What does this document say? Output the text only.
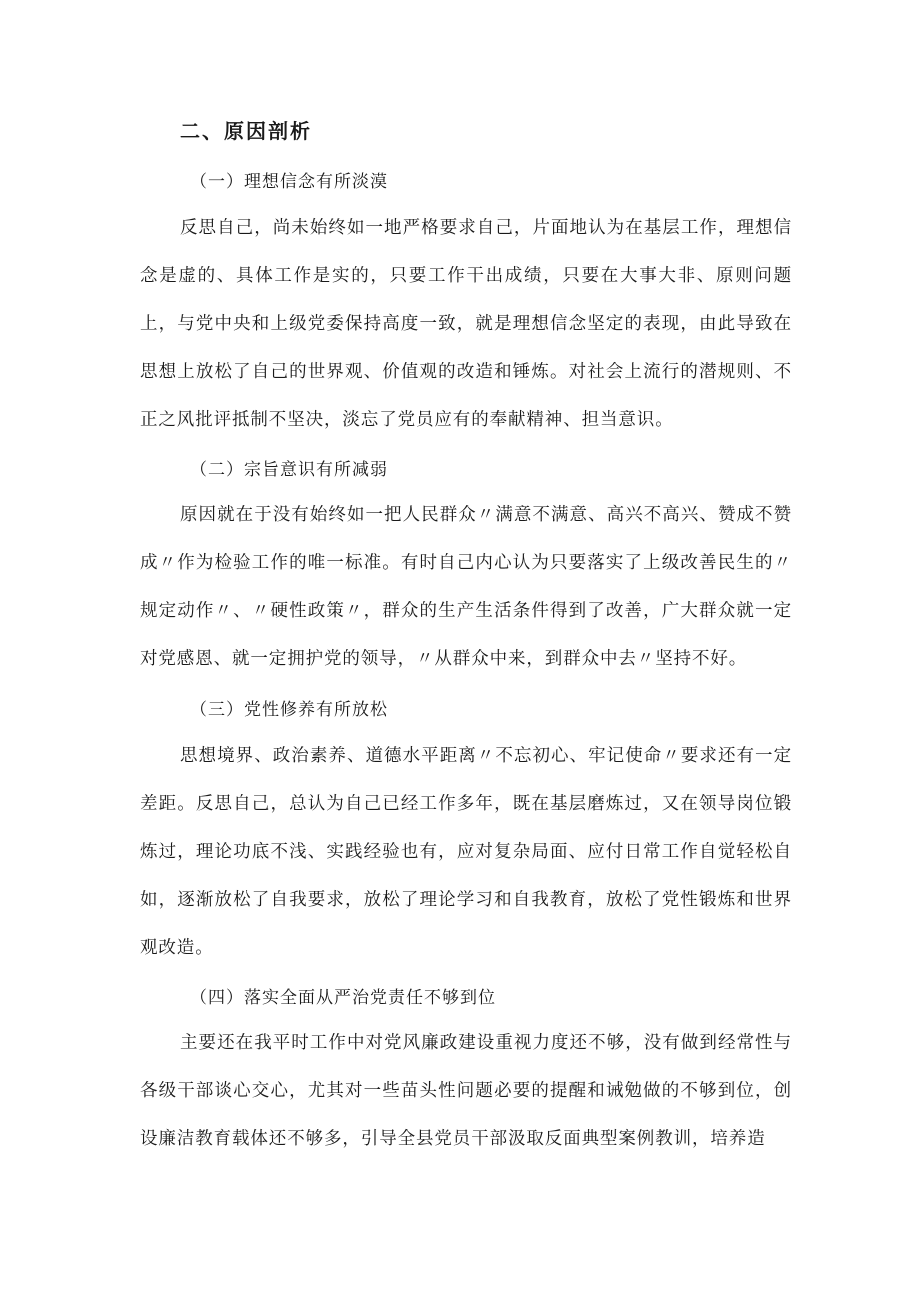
二、原因剖析
（一）理想信念有所淡漠
反思自己，尚未始终如一地严格要求自己，片面地认为在基层工作，理想信念是虚的、具体工作是实的，只要工作干出成绩，只要在大事大非、原则问题上，与党中央和上级党委保持高度一致，就是理想信念坚定的表现，由此导致在思想上放松了自己的世界观、价值观的改造和锤炼。对社会上流行的潜规则、不正之风批评抵制不坚决，淡忘了党员应有的奉献精神、担当意识。
（二）宗旨意识有所减弱
原因就在于没有始终如一把人民群众〃满意不满意、高兴不高兴、赞成不赞成〃作为检验工作的唯一标准。有时自己内心认为只要落实了上级改善民生的〃规定动作〃、〃硬性政策〃，群众的生产生活条件得到了改善，广大群众就一定对党感恩、就一定拥护党的领导，〃从群众中来，到群众中去〃坚持不好。
（三）党性修养有所放松
思想境界、政治素养、道德水平距离〃不忘初心、牢记使命〃要求还有一定差距。反思自己，总认为自己已经工作多年，既在基层磨炼过，又在领导岗位锻炼过，理论功底不浅、实践经验也有，应对复杂局面、应付日常工作自觉轻松自如，逐渐放松了自我要求，放松了理论学习和自我教育，放松了党性锻炼和世界观改造。
（四）落实全面从严治党责任不够到位
主要还在我平时工作中对党风廉政建设重视力度还不够，没有做到经常性与各级干部谈心交心，尤其对一些苗头性问题必要的提醒和诫勉做的不够到位，创设廉洁教育载体还不够多，引导全县党员干部汲取反面典型案例教训，培养造
